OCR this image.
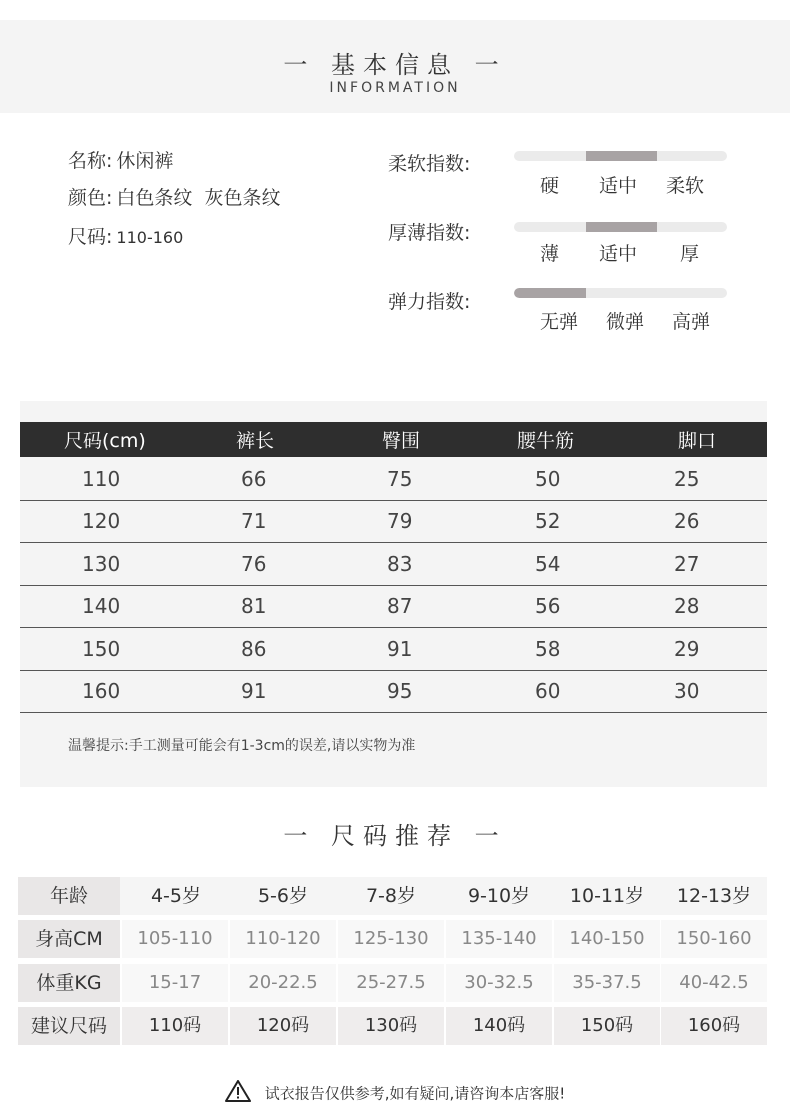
一 基本信息 一
INFORMATION
名称: 休闲裤
颜色: 白色条纹  灰色条纹
尺码: 110-160
柔软指数:
硬 适中 柔软
厚薄指数:
薄 适中 厚
弹力指数:
无弹 微弹 高弹
尺码(cm)	裤长	臀围	腰牛筋	脚口
110	66	75	50	25
120	71	79	52	26
130	76	83	54	27
140	81	87	56	28
150	86	91	58	29
160	91	95	60	30
温馨提示:手工测量可能会有1-3cm的误差,请以实物为准
一 尺码推荐 一
年龄	4-5岁	5-6岁	7-8岁	9-10岁	10-11岁	12-13岁
身高CM	105-110	110-120	125-130	135-140	140-150	150-160
体重KG	15-17	20-22.5	25-27.5	30-32.5	35-37.5	40-42.5
建议尺码	110码	120码	130码	140码	150码	160码
试衣报告仅供参考,如有疑问,请咨询本店客服!
